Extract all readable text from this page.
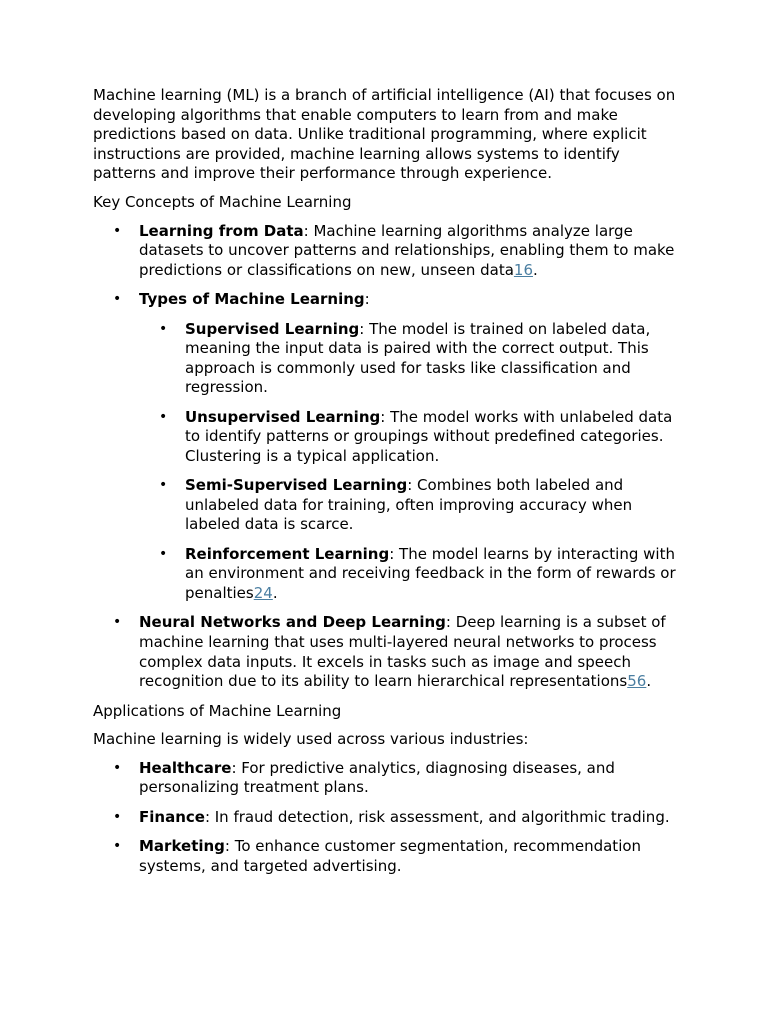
Machine learning (ML) is a branch of artificial intelligence (AI) that focuses on developing algorithms that enable computers to learn from and make predictions based on data. Unlike traditional programming, where explicit instructions are provided, machine learning allows systems to identify patterns and improve their performance through experience.

Key Concepts of Machine Learning

• Learning from Data: Machine learning algorithms analyze large datasets to uncover patterns and relationships, enabling them to make predictions or classifications on new, unseen data16.
• Types of Machine Learning:
• Supervised Learning: The model is trained on labeled data, meaning the input data is paired with the correct output. This approach is commonly used for tasks like classification and regression.
• Unsupervised Learning: The model works with unlabeled data to identify patterns or groupings without predefined categories. Clustering is a typical application.
• Semi-Supervised Learning: Combines both labeled and unlabeled data for training, often improving accuracy when labeled data is scarce.
• Reinforcement Learning: The model learns by interacting with an environment and receiving feedback in the form of rewards or penalties24.
• Neural Networks and Deep Learning: Deep learning is a subset of machine learning that uses multi-layered neural networks to process complex data inputs. It excels in tasks such as image and speech recognition due to its ability to learn hierarchical representations56.

Applications of Machine Learning

Machine learning is widely used across various industries:

• Healthcare: For predictive analytics, diagnosing diseases, and personalizing treatment plans.
• Finance: In fraud detection, risk assessment, and algorithmic trading.
• Marketing: To enhance customer segmentation, recommendation systems, and targeted advertising.
